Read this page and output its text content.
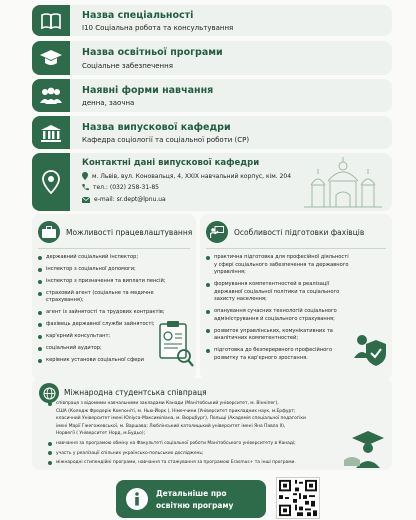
Назва спеціальності
І10 Соціальна робота та консультування
Назва освітньої програми
Соціальне забезпечення
Наявні форми навчання
денна, заочна
Назва випускової кафедри
Кафедра соціології та соціальної роботи (СР)
Контактні дані випускової кафедри
м. Львів, вул. Коновальця, 4, ХХІХ навчальний корпус, кім. 204
тел.: (032) 258-31-85
e-mail: sr.dept@lpnu.ua
Можливості працевлаштування
державний соціальний інспектор;
інспектор з соціальної допомоги;
інспектор з призначення та виплати пенсій;
страховий агент (соціальне та медичне
страхування);
агент із зайнятості та трудових контрактів;
фахівець державної служби зайнятості;
кар'єрний консультант;
соціальний аудитор;
керівник установи соціальної сфери
Особливості підготовки фахівців
практична підготовка для професійної діяльності
у сфері соціального забезпечення та державного
управління;
формування компетентностей в реалізації
державної соціальної політики та соціального
захисту населення;
опанування сучасних технологій соціального
адміністрування й соціального страхування;
розвиток управлінських, комунікативних та
аналітичних компетентностей;
підготовка до безперервного професійного
розвитку та кар'єрного зростання.
Міжнародна студентська співпраця
співпраця з відомими навчальними закладами Канади (Манітобський університет, м. Вінніпег),
США (Коледж Фредерік Комʼюніті, м. Нью-Йорк ), Німеччини (Університет прикладних наук, м.Ерфурт;
класичний Університет імені Юліуса-Максиміліана, м. Вюрцбург), Польщі (Академія спеціальної педагогіки
імені Марії Гжегожевської, м. Варшава; Люблінський католицький університет імені Яна Павла ІІ),
Норвегії ( Університет Норд, м.Будьо);
навчання за програмою обміну на Факультеті соціальної роботи Манітобського університету в Канаді;
участь у реалізації спільних українсько-польських досліджень;
міжнародні стипендійні програми, навчання та стажування за програмою Erasmus+ та інші програми.
Детальніше про
освітню програму
